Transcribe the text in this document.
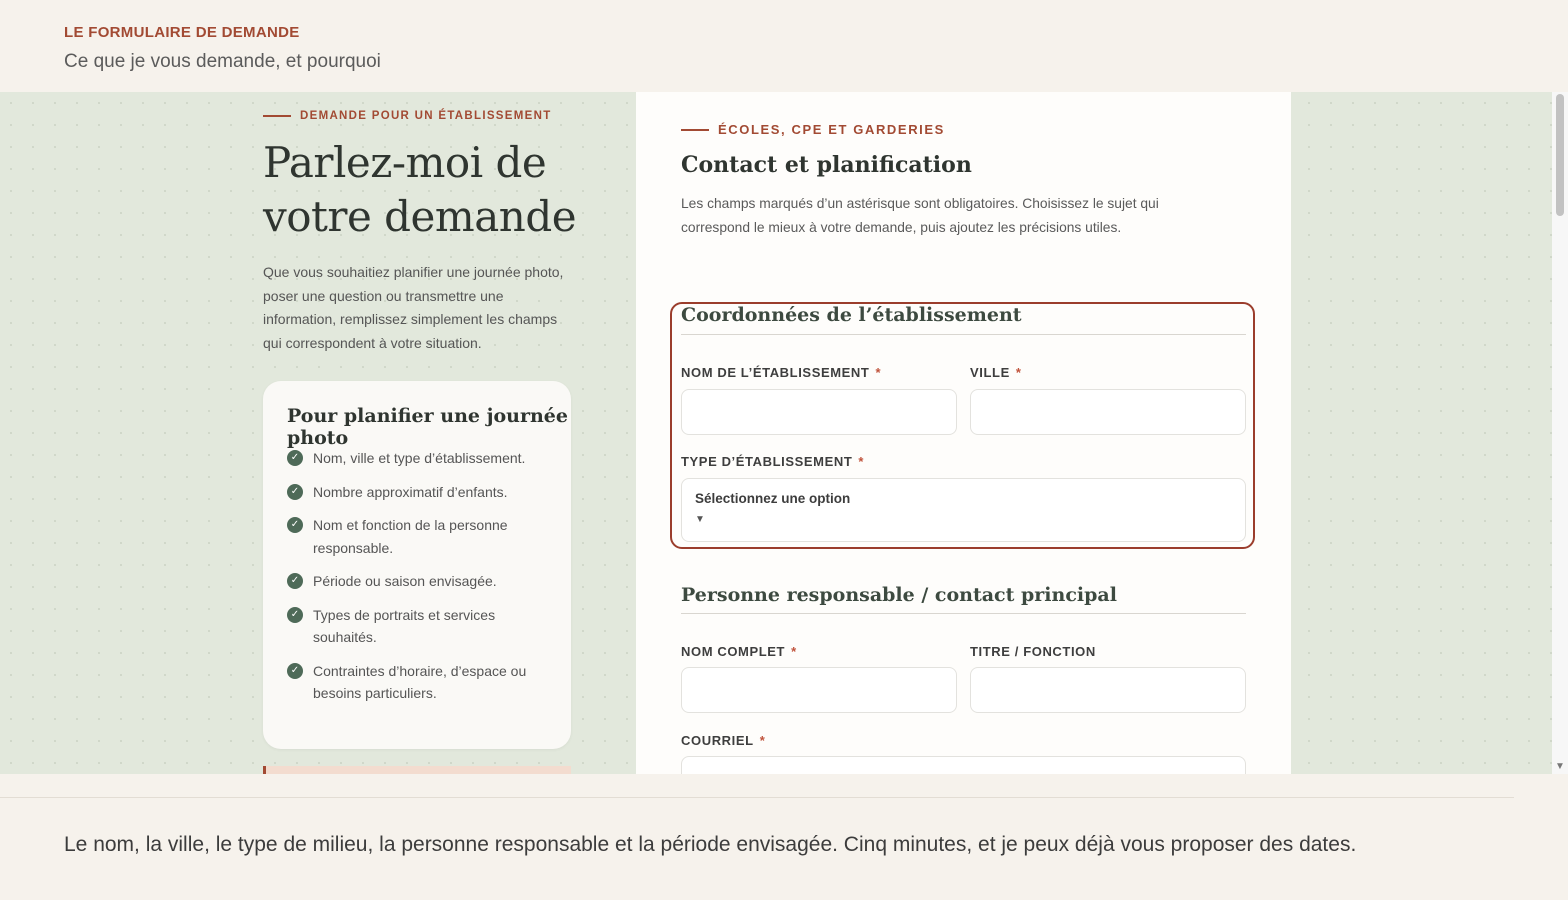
LE FORMULAIRE DE DEMANDE
Ce que je vous demande, et pourquoi
DEMANDE POUR UN ÉTABLISSEMENT
Parlez-moi de votre demande

Que vous souhaitiez planifier une journée photo, poser une question ou transmettre une information, remplissez simplement les champs qui correspondent à votre situation.

Pour planifier une journée photo
✓ Nom, ville et type d’établissement.
✓ Nombre approximatif d’enfants.
✓ Nom et fonction de la personne responsable.
✓ Période ou saison envisagée.
✓ Types de portraits et services souhaités.
✓ Contraintes d’horaire, d’espace ou besoins particuliers.
ÉCOLES, CPE ET GARDERIES
Contact et planification

Les champs marqués d’un astérisque sont obligatoires. Choisissez le sujet qui correspond le mieux à votre demande, puis ajoutez les précisions utiles.

Coordonnées de l’établissement
NOM DE L’ÉTABLISSEMENT *	VILLE *
TYPE D’ÉTABLISSEMENT *
Sélectionnez une option
▼
Personne responsable / contact principal
NOM COMPLET *	TITRE / FONCTION
COURRIEL *
▼

Le nom, la ville, le type de milieu, la personne responsable et la période envisagée. Cinq minutes, et je peux déjà vous proposer des dates.
